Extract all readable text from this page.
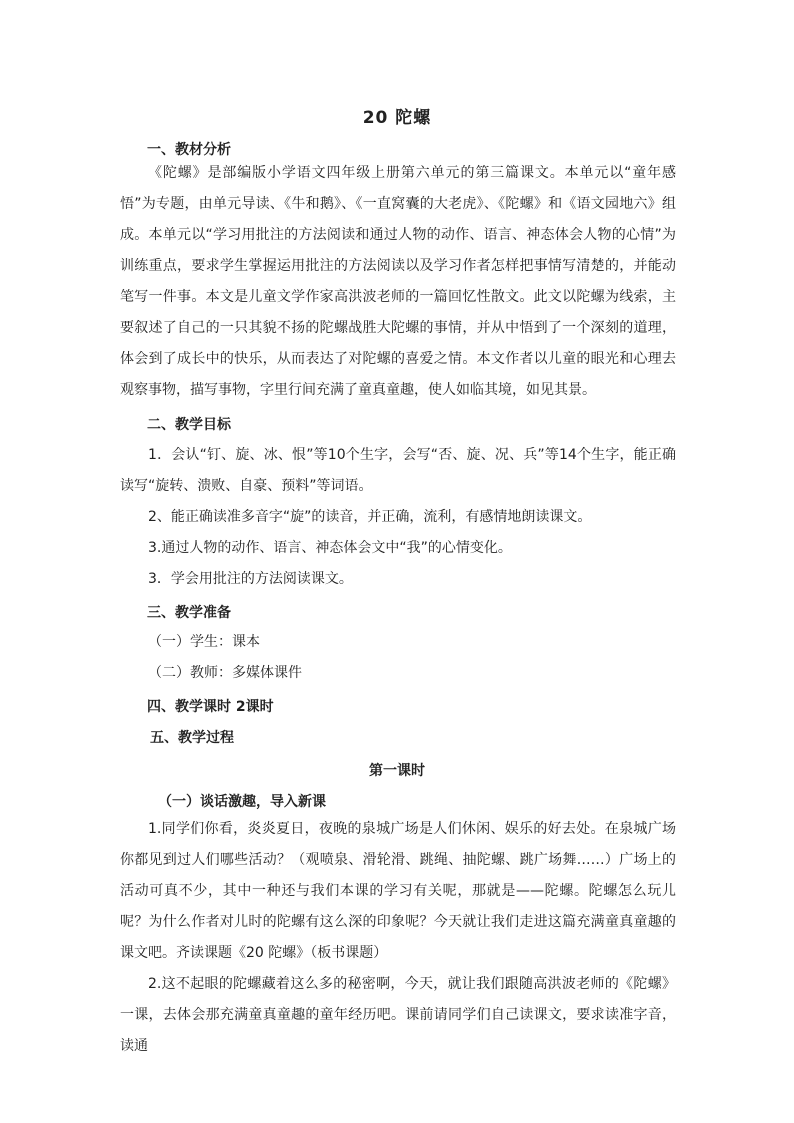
20 陀螺
一、教材分析

《陀螺》是部编版小学语文四年级上册第六单元的第三篇课文。本单元以“童年感悟”为专题，由单元导读、《牛和鹅》、《一直窝囊的大老虎》、《陀螺》和《语文园地六》组成。本单元以“学习用批注的方法阅读和通过人物的动作、语言、神态体会人物的心情”为训练重点，要求学生掌握运用批注的方法阅读以及学习作者怎样把事情写清楚的，并能动笔写一件事。本文是儿童文学作家高洪波老师的一篇回忆性散文。此文以陀螺为线索，主要叙述了自己的一只其貌不扬的陀螺战胜大陀螺的事情，并从中悟到了一个深刻的道理，体会到了成长中的快乐，从而表达了对陀螺的喜爱之情。本文作者以儿童的眼光和心理去观察事物，描写事物，字里行间充满了童真童趣，使人如临其境，如见其景。

二、教学目标

1．会认“钉、旋、冰、恨”等10个生字，会写“否、旋、况、兵”等14个生字，能正确读写“旋转、溃败、自豪、预料”等词语。

2、能正确读准多音字“旋”的读音，并正确，流利，有感情地朗读课文。

3.通过人物的动作、语言、神态体会文中“我”的心情变化。

3．学会用批注的方法阅读课文。

三、教学准备

（一）学生：课本

（二）教师：多媒体课件

四、教学课时 2课时
五、教学过程
第一课时
（一）谈话激趣，导入新课

1.同学们你看，炎炎夏日，夜晚的泉城广场是人们休闲、娱乐的好去处。在泉城广场你都见到过人们哪些活动？（观喷泉、滑轮滑、跳绳、抽陀螺、跳广场舞……）广场上的活动可真不少，其中一种还与我们本课的学习有关呢，那就是——陀螺。陀螺怎么玩儿呢？为什么作者对儿时的陀螺有这么深的印象呢？今天就让我们走进这篇充满童真童趣的课文吧。齐读课题《20 陀螺》（板书课题）

2.这不起眼的陀螺藏着这么多的秘密啊，今天，就让我们跟随高洪波老师的《陀螺》一课，去体会那充满童真童趣的童年经历吧。课前请同学们自己读课文，要求读准字音，读通
